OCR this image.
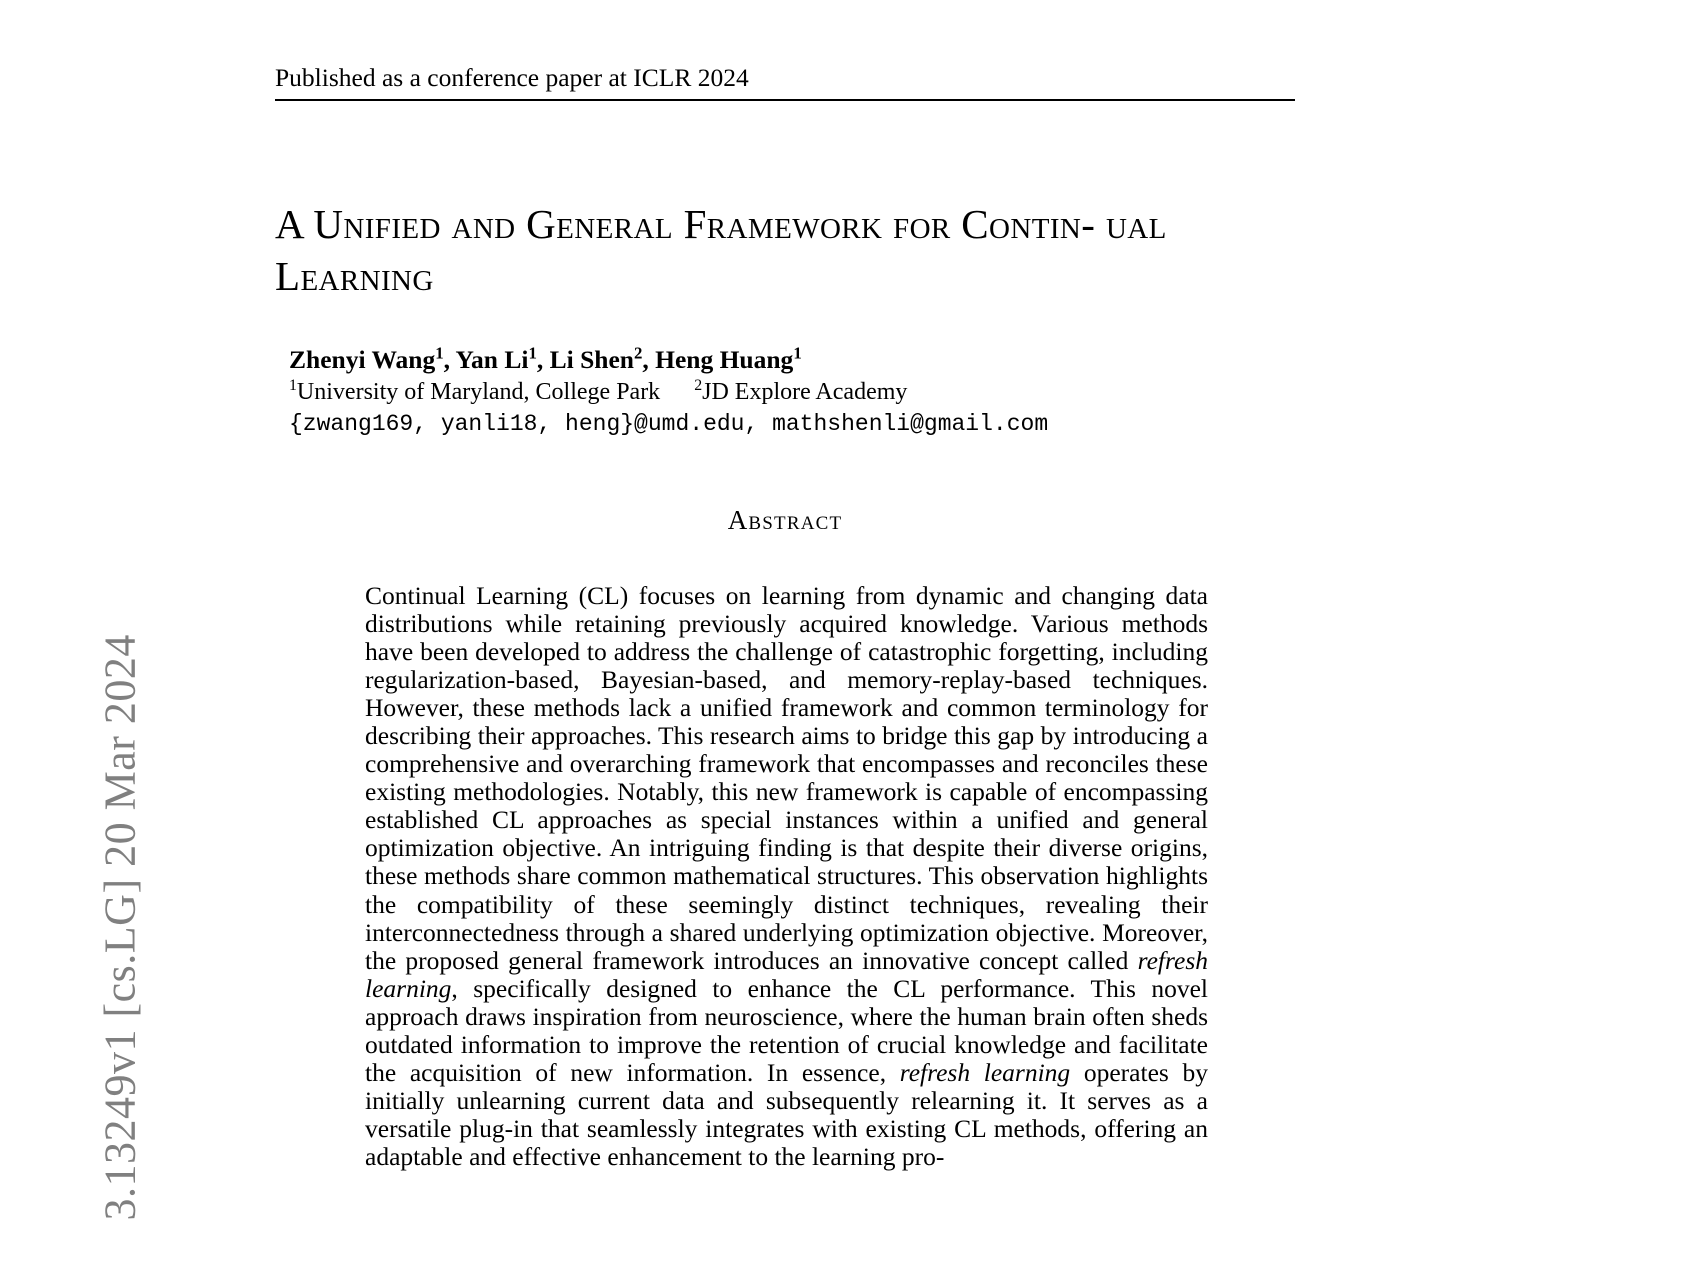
3.13249v1 [cs.LG] 20 Mar 2024
Published as a conference paper at ICLR 2024
A Unified and General Framework for Contin- ual Learning
Zhenyi Wang$^1$, Yan Li$^1$, Li Shen$^2$, Heng Huang$^1$
$^1$University of Maryland, College Park $^2$JD Explore Academy
{zwang169, yanli18, heng}@umd.edu, mathshenli@gmail.com
Abstract
Continual Learning (CL) focuses on learning from dynamic and changing data distributions while retaining previously acquired knowledge. Various methods have been developed to address the challenge of catastrophic forgetting, including regularization-based, Bayesian-based, and memory-replay-based techniques. However, these methods lack a unified framework and common terminology for describing their approaches. This research aims to bridge this gap by introducing a comprehensive and overarching framework that encompasses and reconciles these existing methodologies. Notably, this new framework is capable of encompassing established CL approaches as special instances within a unified and general optimization objective. An intriguing finding is that despite their diverse origins, these methods share common mathematical structures. This observation highlights the compatibility of these seemingly distinct techniques, revealing their interconnectedness through a shared underlying optimization objective. Moreover, the proposed general framework introduces an innovative concept called refresh learning, specifically designed to enhance the CL performance. This novel approach draws inspiration from neuroscience, where the human brain often sheds outdated information to improve the retention of crucial knowledge and facilitate the acquisition of new information. In essence, refresh learning operates by initially unlearning current data and subsequently relearning it. It serves as a versatile plug-in that seamlessly integrates with existing CL methods, offering an adaptable and effective enhancement to the learning pro-
